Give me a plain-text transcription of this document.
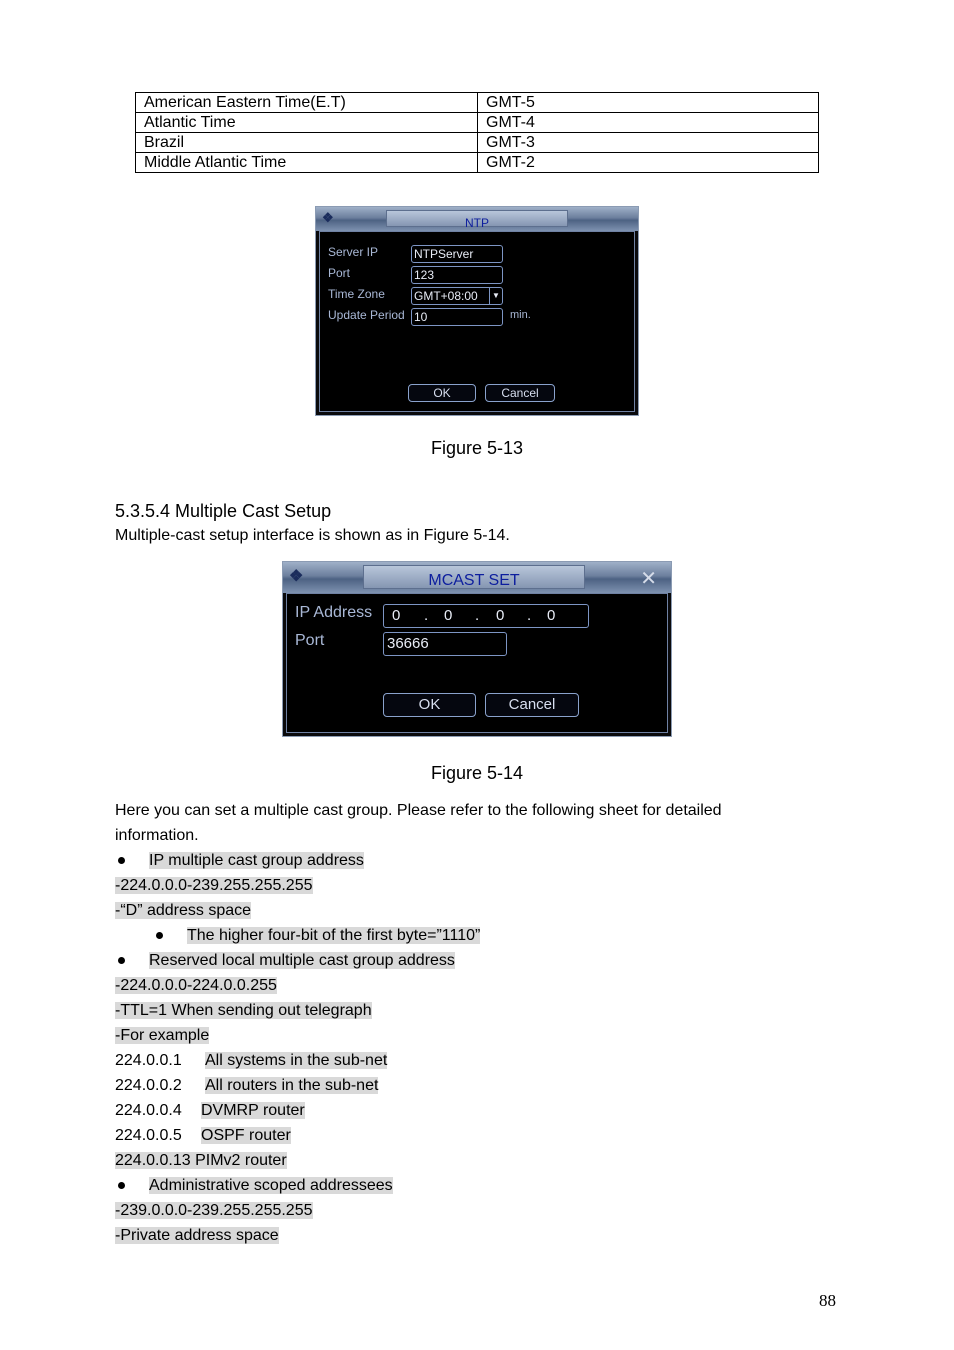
American Eastern Time(E.T)	GMT-5
Atlantic Time	GMT-4
Brazil	GMT-3
Middle Atlantic Time	GMT-2
❖	NTP
Server IP	NTPServer
Port	123
Time Zone GMT+08:00	▼
Update Period 10	min.
OK	Cancel
Figure 5-13
5.3.5.4 Multiple Cast Setup
Multiple-cast setup interface is shown as in Figure 5-14.
❖	MCAST SET	✕
IP Address 0 . 0 . 0 . 0
Port	36666
OK	Cancel
Figure 5-14
Here you can set a multiple cast group. Please refer to the following sheet for detailed
information.
IP multiple cast group address
-224.0.0.0-239.255.255.255
-“D” address space
The higher four-bit of the first byte=”1110”
Reserved local multiple cast group address
-224.0.0.0-224.0.0.255
-TTL=1 When sending out telegraph
-For example
224.0.0.1 All systems in the sub-net
224.0.0.2 All routers in the sub-net
224.0.0.4 DVMRP router
224.0.0.5 OSPF router
224.0.0.13 PIMv2 router
Administrative scoped addressees
-239.0.0.0-239.255.255.255
-Private address space
88
